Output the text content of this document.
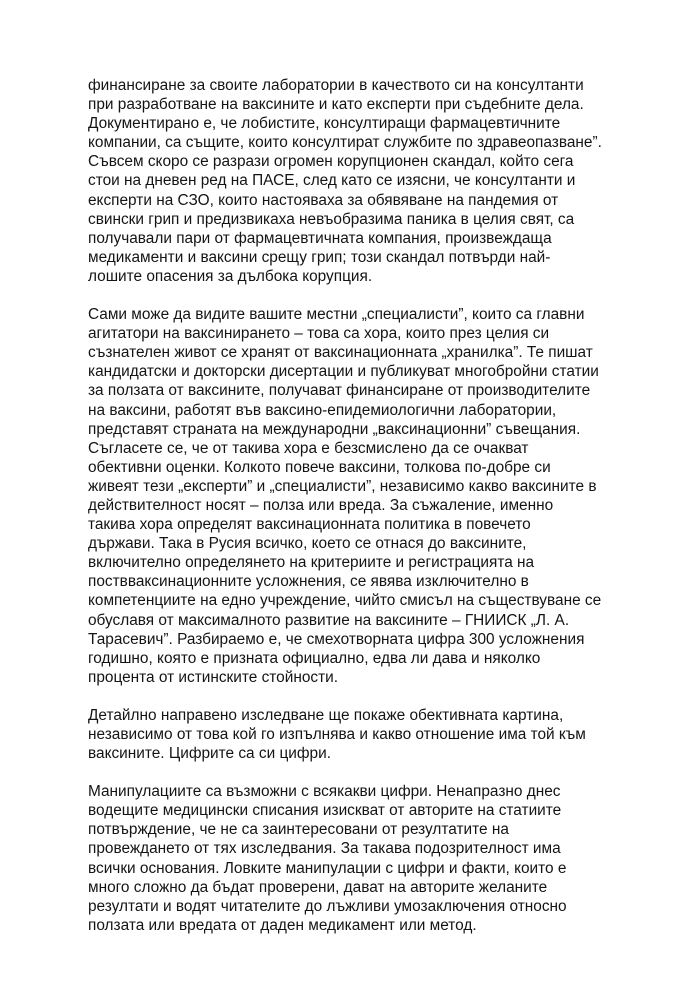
финансиране за своите лаборатории в качеството си на консултанти
при разработване на ваксините и като експерти при съдебните дела.
Документирано е, че лобистите, консултиращи фармацевтичните
компании, са същите, които консултират службите по здравеопазване”.
Съвсем скоро се разрази огромен корупционен скандал, който сега
стои на дневен ред на ПАСЕ, след като се изясни, че консултанти и
експерти на СЗО, които настояваха за обявяване на пандемия от
свински грип и предизвикаха невъобразима паника в целия свят, са
получавали пари от фармацевтичната компания, произвеждаща
медикаменти и ваксини срещу грип; този скандал потвърди най-
лошите опасения за дълбока корупция.
Сами може да видите вашите местни „специалисти”, които са главни
агитатори на ваксинирането – това са хора, които през целия си
съзнателен живот се хранят от ваксинационната „хранилка”. Те пишат
кандидатски и докторски дисертации и публикуват многобройни статии
за ползата от ваксините, получават финансиране от производителите
на ваксини, работят във ваксино-епидемиологични лаборатории,
представят страната на международни „ваксинационни” съвещания.
Съгласете се, че от такива хора е безсмислено да се очакват
обективни оценки. Колкото повече ваксини, толкова по-добре си
живеят тези „експерти” и „специалисти”, независимо какво ваксините в
действителност носят – полза или вреда. За съжаление, именно
такива хора определят ваксинационната политика в повечето
държави. Така в Русия всичко, което се отнася до ваксините,
включително определянето на критериите и регистрацията на
поствваксинационните усложнения, се явява изключително в
компетенциите на едно учреждение, чийто смисъл на съществуване се
обуславя от максималното развитие на ваксините – ГНИИСК „Л. А.
Тарасевич”. Разбираемо е, че смехотворната цифра 300 усложнения
годишно, която е призната официално, едва ли дава и няколко
процента от истинските стойности.
Детайлно направено изследване ще покаже обективната картина,
независимо от това кой го изпълнява и какво отношение има той към
ваксините. Цифрите са си цифри.
Манипулациите са възможни с всякакви цифри. Ненапразно днес
водещите медицински списания изискват от авторите на статиите
потвърждение, че не са заинтересовани от резултатите на
провеждането от тях изследвания. За такава подозрителност има
всички основания. Ловките манипулации с цифри и факти, които е
много сложно да бъдат проверени, дават на авторите желаните
резултати и водят читателите до лъжливи умозаключения относно
ползата или вредата от даден медикамент или метод.
